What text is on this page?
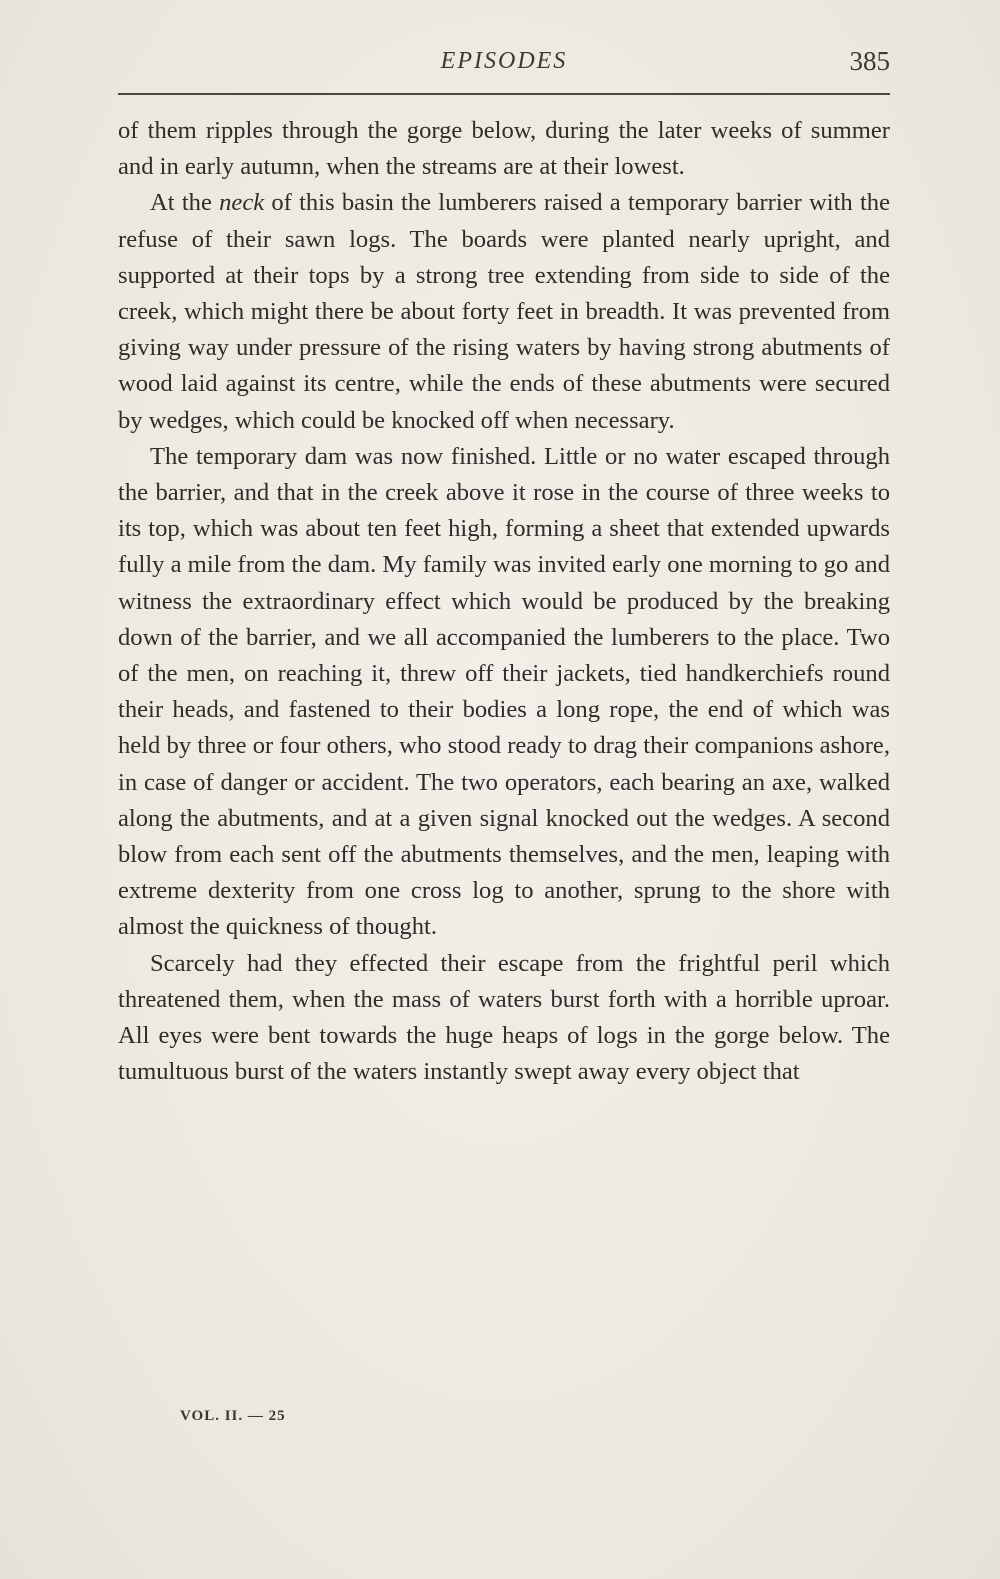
EPISODES	385

of them ripples through the gorge below, during the later weeks of summer and in early autumn, when the streams are at their lowest.

At the neck of this basin the lumberers raised a temporary barrier with the refuse of their sawn logs. The boards were planted nearly upright, and supported at their tops by a strong tree extending from side to side of the creek, which might there be about forty feet in breadth. It was prevented from giving way under pressure of the rising waters by having strong abutments of wood laid against its centre, while the ends of these abutments were secured by wedges, which could be knocked off when necessary.

The temporary dam was now finished. Little or no water escaped through the barrier, and that in the creek above it rose in the course of three weeks to its top, which was about ten feet high, forming a sheet that extended upwards fully a mile from the dam. My family was invited early one morning to go and witness the extraordinary effect which would be produced by the breaking down of the barrier, and we all accompanied the lumberers to the place. Two of the men, on reaching it, threw off their jackets, tied handkerchiefs round their heads, and fastened to their bodies a long rope, the end of which was held by three or four others, who stood ready to drag their companions ashore, in case of danger or accident. The two operators, each bearing an axe, walked along the abutments, and at a given signal knocked out the wedges. A second blow from each sent off the abutments themselves, and the men, leaping with extreme dexterity from one cross log to another, sprung to the shore with almost the quickness of thought.

Scarcely had they effected their escape from the frightful peril which threatened them, when the mass of waters burst forth with a horrible uproar. All eyes were bent towards the huge heaps of logs in the gorge below. The tumultuous burst of the waters instantly swept away every object that

VOL. II. — 25
